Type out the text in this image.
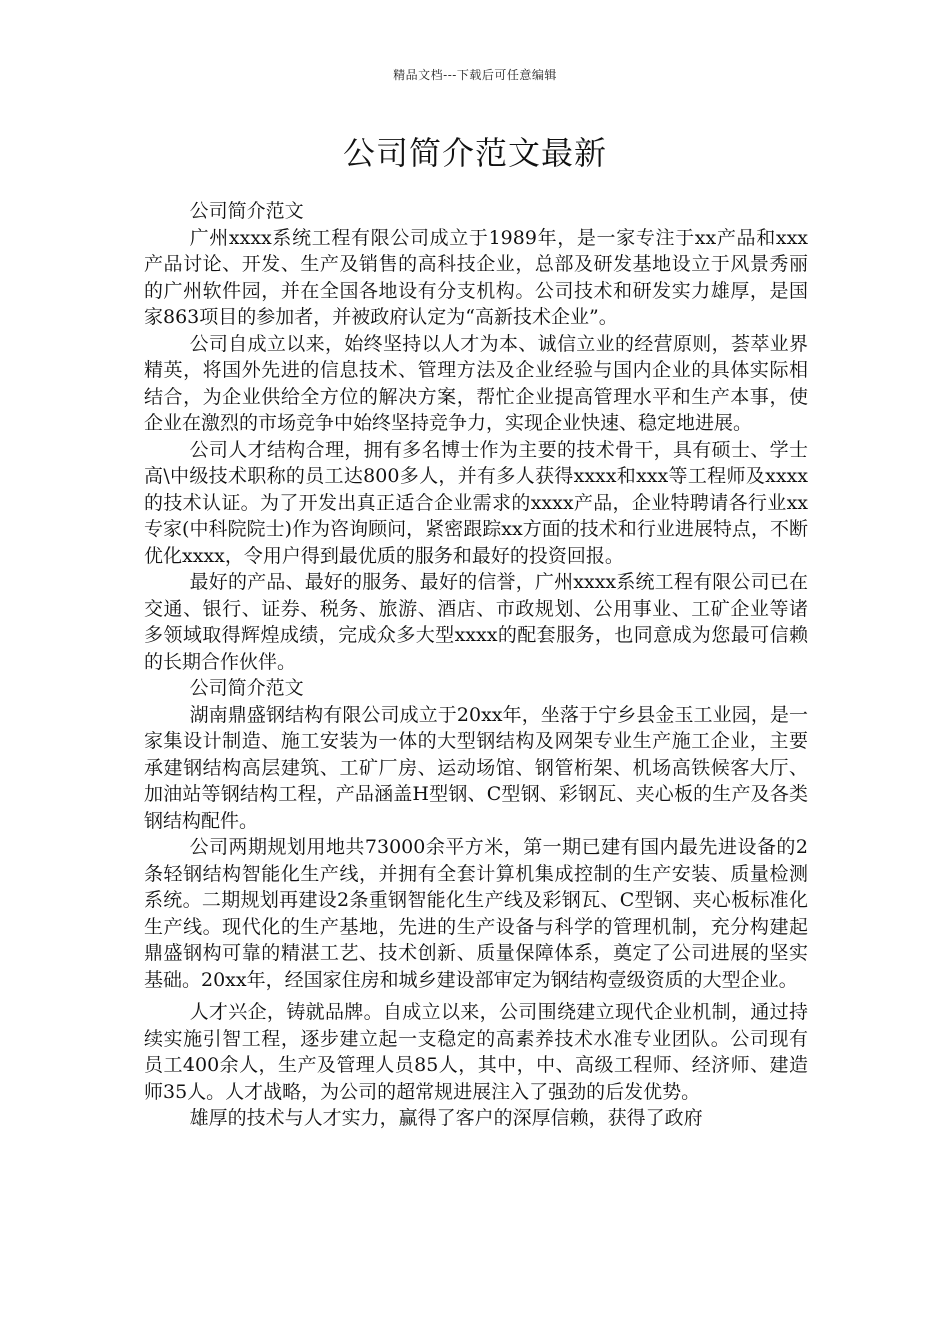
精品文档---下载后可任意编辑
公司简介范文最新

公司简介范文

广州xxxx系统工程有限公司成立于1989年，是一家专注于xx产品和xxx产品讨论、开发、生产及销售的高科技企业，总部及研发基地设立于风景秀丽的广州软件园，并在全国各地设有分支机构。公司技术和研发实力雄厚，是国家863项目的参加者，并被政府认定为“高新技术企业”。

公司自成立以来，始终坚持以人才为本、诚信立业的经营原则，荟萃业界精英，将国外先进的信息技术、管理方法及企业经验与国内企业的具体实际相结合，为企业供给全方位的解决方案，帮忙企业提高管理水平和生产本事，使企业在激烈的市场竞争中始终坚持竞争力，实现企业快速、稳定地进展。

公司人才结构合理，拥有多名博士作为主要的技术骨干，具有硕士、学士高\中级技术职称的员工达800多人，并有多人获得xxxx和xxx等工程师及xxxx的技术认证。为了开发出真正适合企业需求的xxxx产品，企业特聘请各行业xx专家(中科院院士)作为咨询顾问，紧密跟踪xx方面的技术和行业进展特点，不断优化xxxx，令用户得到最优质的服务和最好的投资回报。

最好的产品、最好的服务、最好的信誉，广州xxxx系统工程有限公司已在交通、银行、证券、税务、旅游、酒店、市政规划、公用事业、工矿企业等诸多领域取得辉煌成绩，完成众多大型xxxx的配套服务，也同意成为您最可信赖的长期合作伙伴。

公司简介范文

湖南鼎盛钢结构有限公司成立于20xx年，坐落于宁乡县金玉工业园，是一家集设计制造、施工安装为一体的大型钢结构及网架专业生产施工企业，主要承建钢结构高层建筑、工矿厂房、运动场馆、钢管桁架、机场高铁候客大厅、加油站等钢结构工程，产品涵盖H型钢、C型钢、彩钢瓦、夹心板的生产及各类钢结构配件。

公司两期规划用地共73000余平方米，第一期已建有国内最先进设备的2条轻钢结构智能化生产线，并拥有全套计算机集成控制的生产安装、质量检测系统。二期规划再建设2条重钢智能化生产线及彩钢瓦、C型钢、夹心板标准化生产线。现代化的生产基地，先进的生产设备与科学的管理机制，充分构建起鼎盛钢构可靠的精湛工艺、技术创新、质量保障体系，奠定了公司进展的坚实基础。20xx年，经国家住房和城乡建设部审定为钢结构壹级资质的大型企业。

人才兴企，铸就品牌。自成立以来，公司围绕建立现代企业机制，通过持续实施引智工程，逐步建立起一支稳定的高素养技术水准专业团队。公司现有员工400余人，生产及管理人员85人，其中，中、高级工程师、经济师、建造师35人。人才战略，为公司的超常规进展注入了强劲的后发优势。

雄厚的技术与人才实力，赢得了客户的深厚信赖，获得了政府
